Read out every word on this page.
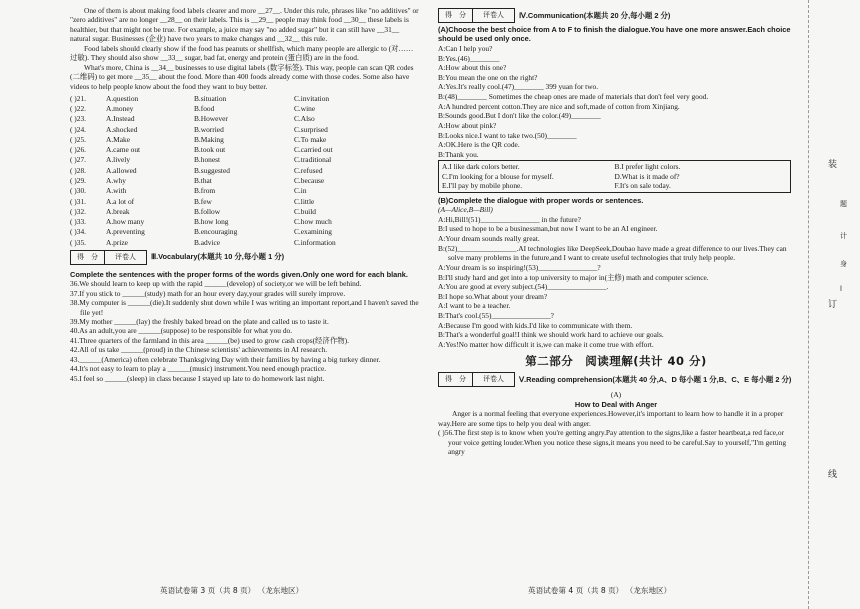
One of them is about making food labels clearer and more __27__. Under this rule, phrases like "no additives" or "zero additives" are no longer __28__ on their labels. This is __29__ people may think food __30__ these labels is healthier, but that might not be true. For example, a juice may say "no added sugar" but it can still have __31__ natural sugar. Businesses (企业) have two years to make changes and __32__ this rule.

Food labels should clearly show if the food has peanuts or shellfish, which many people are allergic to (对……过敏). They should also show __33__ sugar, bad fat, energy and protein (蛋白质) are in the food.

What's more, China is __34__ businesses to use digital labels (数字标签). This way, people can scan QR codes (二维码) to get more __35__ about the food. More than 400 foods already come with those codes. Some also have videos to help people know about the food they want to buy better.

( )21.	A.question	B.situation	C.invitation
( )22.	A.money	B.food	C.wine
( )23.	A.Instead	B.However	C.Also
( )24.	A.shocked	B.worried	C.surprised
( )25.	A.Make	B.Making	C.To make
( )26.	A.came out	B.took out	C.carried out
( )27.	A.lively	B.honest	C.traditional
( )28.	A.allowed	B.suggested	C.refused
( )29.	A.why	B.that	C.because
( )30.	A.with	B.from	C.in
( )31.	A.a lot of	B.few	C.little
( )32.	A.break	B.follow	C.build
( )33.	A.how many	B.how long	C.how much
( )34.	A.preventing	B.encouraging	C.examining
( )35.	A.prize	B.advice	C.information
得　分	评卷人	Ⅲ.Vocabulary(本题共 10 分,每小题 1 分)

Complete the sentences with the proper forms of the words given.Only one word for each blank.

36.We should learn to keep up with the rapid ______(develop) of society,or we will be left behind.

37.If you stick to ______(study) math for an hour every day,your grades will surely improve.

38.My computer is ______(die).It suddenly shut down while I was writing an important report,and I haven't saved the file yet!

39.My mother ______(lay) the freshly baked bread on the plate and called us to taste it.

40.As an adult,you are ______(suppose) to be responsible for what you do.

41.Three quarters of the farmland in this area ______(be) used to grow cash crops(经济作物).

42.All of us take ______(proud) in the Chinese scientists' achievements in AI research.

43.______(America) often celebrate Thanksgiving Day with their families by having a big turkey dinner.

44.It's not easy to learn to play a ______(music) instrument.You need enough practice.

45.I feel so ______(sleep) in class because I stayed up late to do homework last night.

英语试卷第 3 页（共 8 页） （龙东地区）
得　分	评卷人	Ⅳ.Communication(本题共 20 分,每小题 2 分)

(A)Choose the best choice from A to F to finish the dialogue.You have one more answer.Each choice should be used only once.

A:Can I help you?

B:Yes.(46)________

A:How about this one?

B:You mean the one on the right?

A:Yes.It's really cool.(47)________ 399 yuan for two.

B:(48)________ Sometimes the cheap ones are made of materials that don't feel very good.

A:A hundred percent cotton.They are nice and soft,made of cotton from Xinjiang.

B:Sounds good.But I don't like the color.(49)________

A:How about pink?

B:Looks nice.I want to take two.(50)________

A:OK.Here is the QR code.

B:Thank you.

A.I like dark colors better.	B.I prefer light colors.
C.I'm looking for a blouse for myself.	D.What is it made of?
E.I'll pay by mobile phone.	F.It's on sale today.

(B)Complete the dialogue with proper words or sentences.

(A—Alice,B—Bill)

A:Hi,Bill!(51)________________ in the future?

B:I used to hope to be a businessman,but now I want to be an AI engineer.

A:Your dream sounds really great.

B:(52)________________.AI technologies like DeepSeek,Doubao have made a great difference to our lives.They can solve many problems in the future,and I want to create useful technologies that truly help people.

A:Your dream is so inspiring!(53)________________?

B:I'll study hard and get into a top university to major in(主修) math and computer science.

A:You are good at every subject.(54)________________.

B:I hope so.What about your dream?

A:I want to be a teacher.

B:That's cool.(55)________________?

A:Because I'm good with kids.I'd like to communicate with them.

B:That's a wonderful goal!I think we should work hard to achieve our goals.

A:Yes!No matter how difficult it is,we can make it come true with effort.

第二部分　阅读理解(共计 40 分)
得　分	评卷人	Ⅴ.Reading comprehension(本题共 40 分,A、D 每小题 1 分,B、C、E 每小题 2 分)

(A)

How to Deal with Anger

Anger is a normal feeling that everyone experiences.However,it's important to learn how to handle it in a proper way.Here are some tips to help you deal with anger.

( )56.The first step is to know when you're getting angry.Pay attention to the signs,like a faster heartbeat,a red face,or your voice getting louder.When you notice these signs,it means you need to be careful.Say to yourself,"I'm getting angry

英语试卷第 4 页（共 8 页） （龙东地区）
装
订
线
题
计
身
l
